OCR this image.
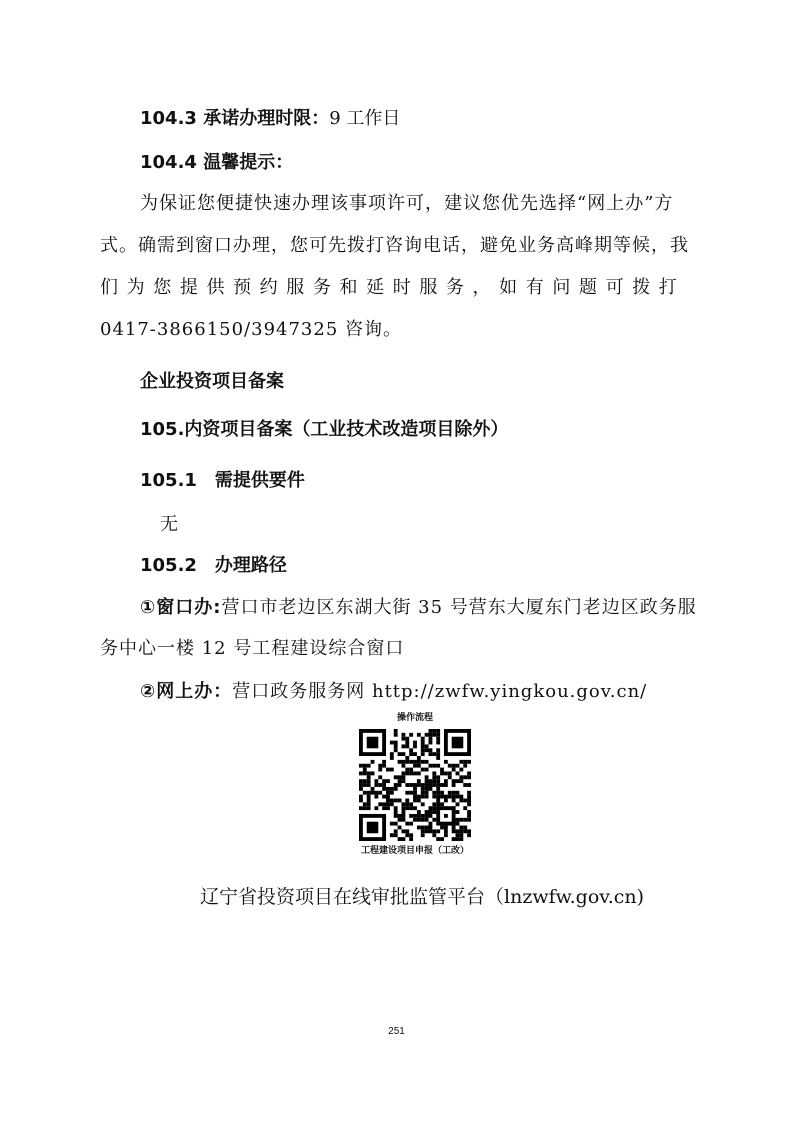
104.3 承诺办理时限：9 工作日
104.4 温馨提示：
为保证您便捷快速办理该事项许可，建议您优先选择“网上办”方
式。确需到窗口办理，您可先拨打咨询电话，避免业务高峰期等候，我
们 为 您 提 供 预 约 服 务 和 延 时 服 务 ， 如 有 问 题 可 拨 打
0417-3866150/3947325 咨询。
企业投资项目备案
105.内资项目备案（工业技术改造项目除外）
105.1　需提供要件
无
105.2　办理路径
①窗口办:营口市老边区东湖大街 35 号营东大厦东门老边区政务服
务中心一楼 12 号工程建设综合窗口
②网上办：营口政务服务网 http://zwfw.yingkou.gov.cn/
操作流程
工程建设项目申报（工改）
辽宁省投资项目在线审批监管平台（lnzwfw.gov.cn)
251
